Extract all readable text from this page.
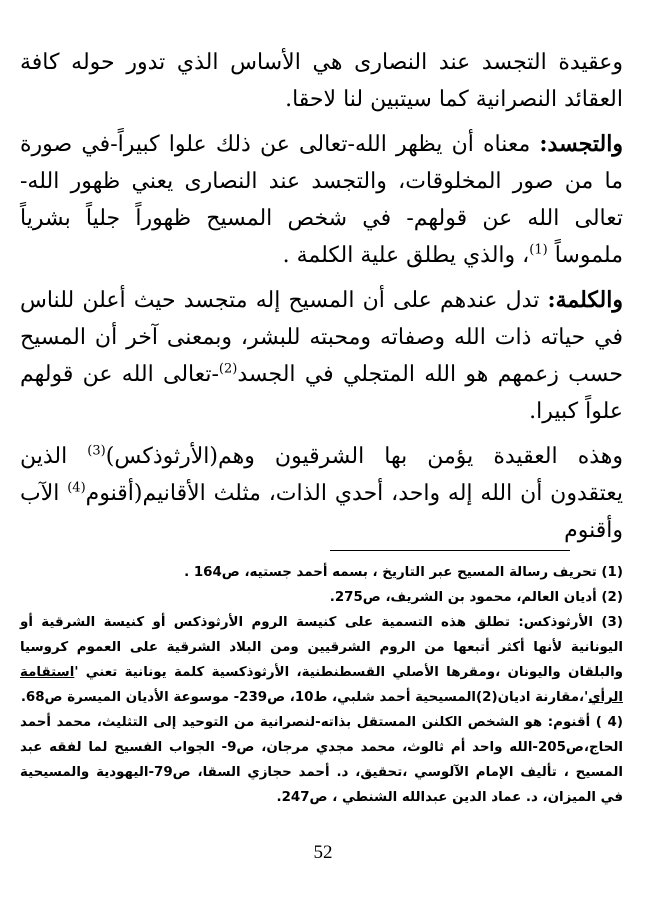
وعقيدة التجسد عند النصارى هي الأساس الذي تدور حوله كافة العقائد النصرانية كما سيتبين لنا لاحقا.

والتجسد: معناه أن يظهر الله-تعالى عن ذلك علوا كبيراً-في صورة ما من صور المخلوقات، والتجسد عند النصارى يعني ظهور الله- تعالى الله عن قولهم- في شخص المسيح ظهوراً جلياً بشرياً ملموساً $^{(1)}$، والذي يطلق علية الكلمة .

والكلمة: تدل عندهم على أن المسيح إله متجسد حيث أعلن للناس في حياته ذات الله وصفاته ومحبته للبشر، وبمعنى آخر أن المسيح حسب زعمهم هو الله المتجلي في الجسد$^{(2)}$-تعالى الله عن قولهم علواً كبيرا.

وهذه العقيدة يؤمن بها الشرقيون وهم(الأرثوذكس)$^{(3)}$ الذين يعتقدون أن الله إله واحد، أحدي الذات، مثلث الأقانيم(أقنوم$^{(4)}$ الآب وأقنوم

(1) تحريف رسالة المسيح عبر التاريخ ، بسمه أحمد جستيه، ص164 .

(2) أديان العالم، محمود بن الشريف، ص275.

(3) الأرثوذكس: تطلق هذه التسمية على كنيسة الروم الأرثوذكس أو كنيسة الشرقية أو اليونانية لأنها أكثر أتبعها من الروم الشرقيين ومن البلاد الشرقية على العموم كروسيا والبلقان واليونان ،ومقرها الأصلي القسطنطنية، الأرثوذكسية كلمة يونانية تعني 'استقامة الرأي'،مقارنة اديان(2)المسيحية أحمد شلبي، ط10، ص239- موسوعة الأديان الميسرة ص68.

(4 ) أقنوم: هو الشخص الكلنن المستقل بذاته-لنصرانية من التوحيد إلى التثليث، محمد أحمد الحاج،ص205-الله واحد أم ثالوث، محمد مجدي مرجان، ص9- الجواب الفسيح لما لفقه عبد المسيح ، تأليف الإمام الآلوسي ،تحقيق، د. أحمد حجازي السقا، ص79-اليهودية والمسيحية في الميزان، د. عماد الدين عبدالله الشنطي ، ص247.

52
